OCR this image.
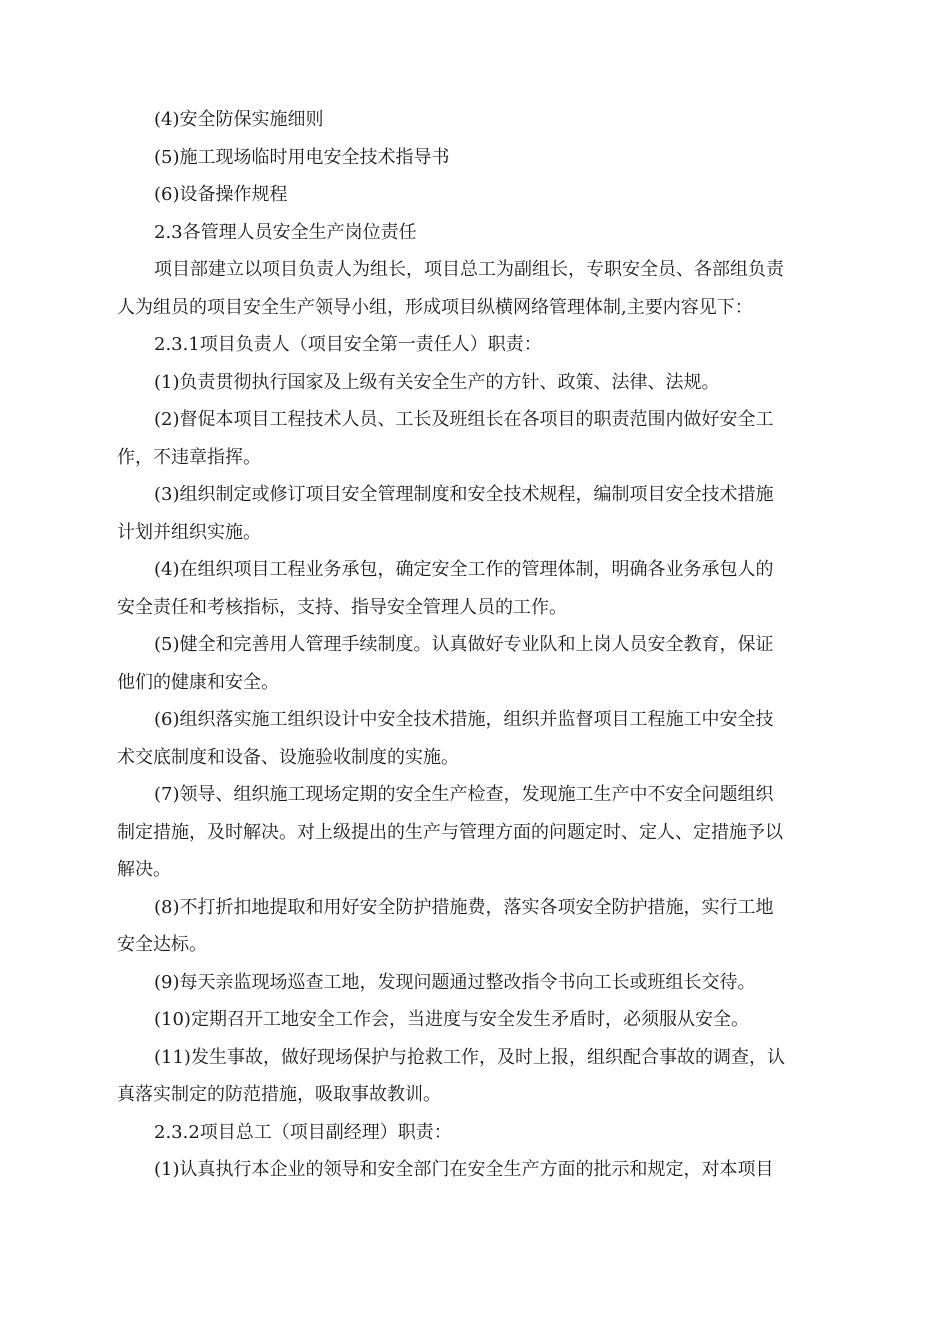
(4)安全防保实施细则

(5)施工现场临时用电安全技术指导书

(6)设备操作规程

2.3各管理人员安全生产岗位责任

项目部建立以项目负责人为组长，项目总工为副组长，专职安全员、各部组负责
人为组员的项目安全生产领导小组，形成项目纵横网络管理体制,主要内容见下：

2.3.1项目负责人（项目安全第一责任人）职责：

(1)负责贯彻执行国家及上级有关安全生产的方针、政策、法律、法规。

(2)督促本项目工程技术人员、工长及班组长在各项目的职责范围内做好安全工
作，不违章指挥。

(3)组织制定或修订项目安全管理制度和安全技术规程，编制项目安全技术措施
计划并组织实施。

(4)在组织项目工程业务承包，确定安全工作的管理体制，明确各业务承包人的
安全责任和考核指标，支持、指导安全管理人员的工作。

(5)健全和完善用人管理手续制度。认真做好专业队和上岗人员安全教育，保证
他们的健康和安全。

(6)组织落实施工组织设计中安全技术措施，组织并监督项目工程施工中安全技
术交底制度和设备、设施验收制度的实施。

(7)领导、组织施工现场定期的安全生产检查，发现施工生产中不安全问题组织
制定措施，及时解决。对上级提出的生产与管理方面的问题定时、定人、定措施予以
解决。

(8)不打折扣地提取和用好安全防护措施费，落实各项安全防护措施，实行工地
安全达标。

(9)每天亲监现场巡查工地，发现问题通过整改指令书向工长或班组长交待。

(10)定期召开工地安全工作会，当进度与安全发生矛盾时，必须服从安全。

(11)发生事故，做好现场保护与抢救工作，及时上报，组织配合事故的调查，认
真落实制定的防范措施，吸取事故教训。

2.3.2项目总工（项目副经理）职责：

(1)认真执行本企业的领导和安全部门在安全生产方面的批示和规定，对本项目
